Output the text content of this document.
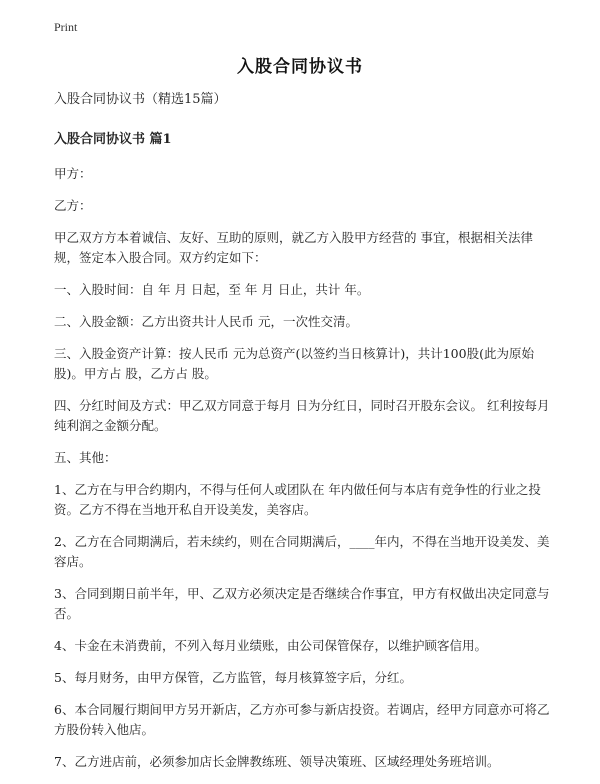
Print
入股合同协议书
入股合同协议书（精选15篇）
入股合同协议书 篇1

甲方：

乙方：

甲乙双方方本着诚信、友好、互助的原则，就乙方入股甲方经营的 事宜，根据相关法律规，签定本入股合同。双方约定如下：

一、入股时间：自 年 月 日起，至 年 月 日止，共计 年。

二、入股金额：乙方出资共计人民币 元，一次性交清。

三、入股金资产计算：按人民币 元为总资产(以签约当日核算计)，共计100股(此为原始股)。甲方占 股，乙方占 股。

四、分红时间及方式：甲乙双方同意于每月 日为分红日，同时召开股东会议。 红利按每月纯利润之金额分配。

五、其他：

1、乙方在与甲合约期内，不得与任何人或团队在 年内做任何与本店有竞争性的行业之投资。乙方不得在当地开私自开设美发，美容店。

2、乙方在合同期满后，若未续约，则在合同期满后，____年内，不得在当地开设美发、美容店。

3、合同到期日前半年，甲、乙双方必须决定是否继续合作事宜，甲方有权做出决定同意与否。

4、卡金在未消费前，不列入每月业绩账，由公司保管保存，以维护顾客信用。

5、每月财务，由甲方保管，乙方监管，每月核算签字后，分红。

6、本合同履行期间甲方另开新店，乙方亦可参与新店投资。若调店，经甲方同意亦可将乙方股份转入他店。

7、乙方进店前，必须参加店长金牌教练班、领导决策班、区域经理处务班培训。
